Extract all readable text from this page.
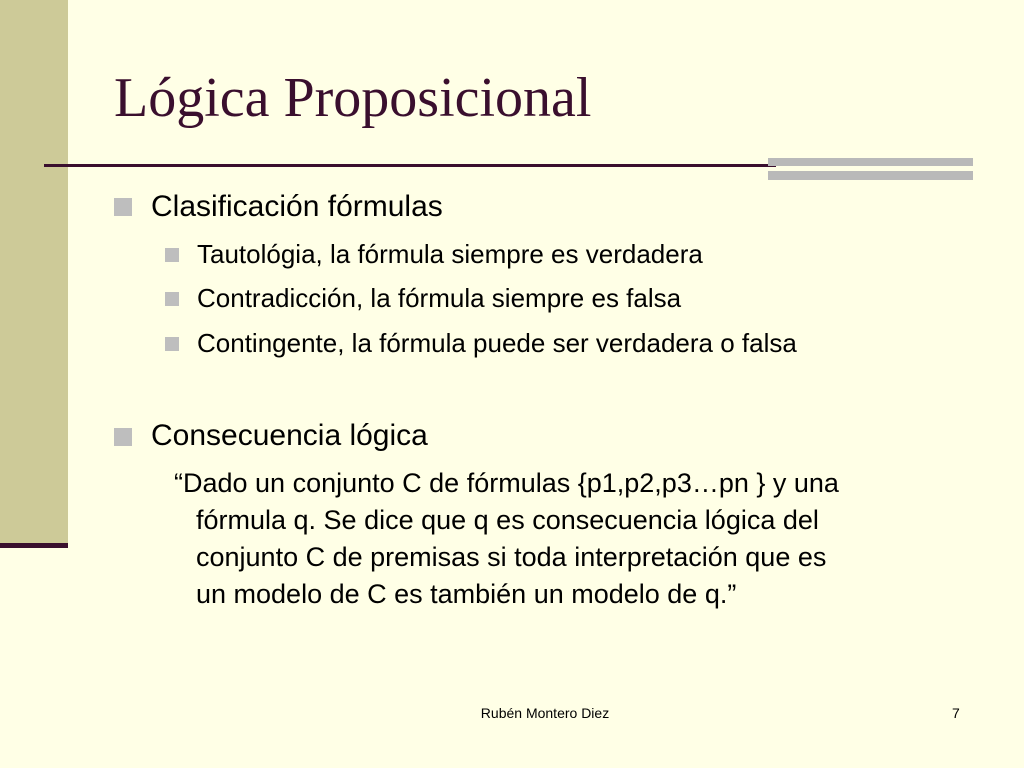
Lógica Proposicional
Clasificación fórmulas
Tautológia, la fórmula siempre es verdadera
Contradicción, la fórmula siempre es falsa
Contingente, la fórmula puede ser verdadera o falsa
Consecuencia lógica
“Dado un conjunto C de fórmulas {p1,p2,p3…pn } y una
fórmula q. Se dice que q es consecuencia lógica del
conjunto C de premisas si toda interpretación que es
un modelo de C es también un modelo de q.”
Rubén Montero Diez	7
